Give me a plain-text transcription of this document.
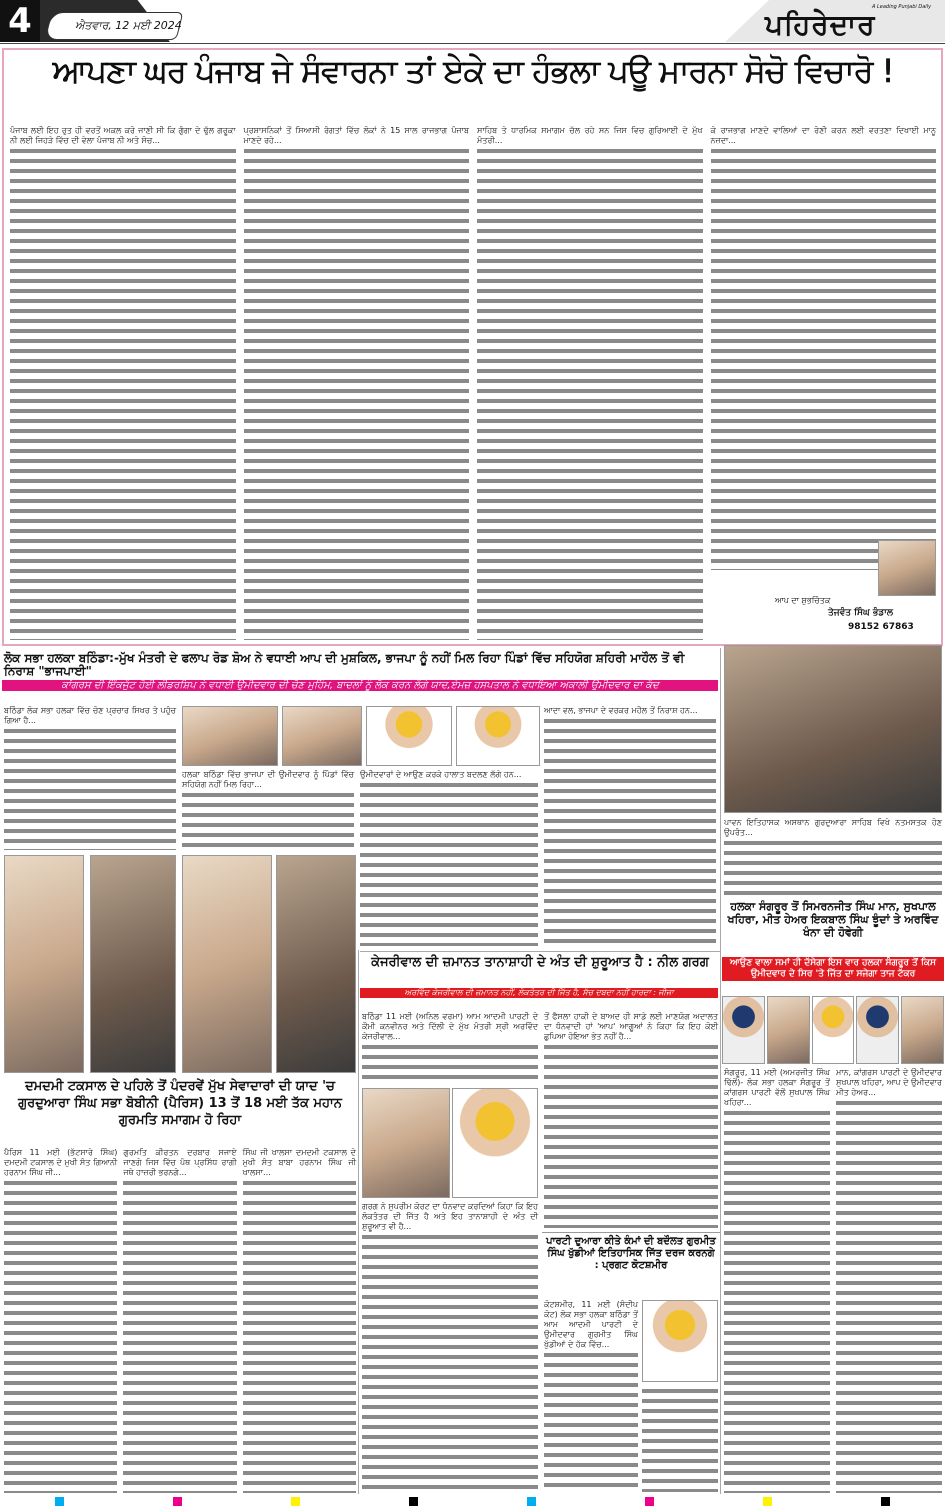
4	ਐਤਵਾਰ, 12 ਮਈ 2024	ਪਹਿਰੇਦਾਰ
A Leading Punjabi Daily
ਆਪਣਾ ਘਰ ਪੰਜਾਬ ਜੇ ਸੰਵਾਰਨਾ ਤਾਂ ਏਕੇ ਦਾ ਹੰਭਲਾ ਪਊ ਮਾਰਨਾ ਸੋਚੋ ਵਿਚਾਰੋ !

ਪੰਜਾਬ ਲਈ ਇਹ ਰੁਤ ਹੀ ਵਰਤੋਂ ਅਕਲ ਕਰੋ ਜਾਣੀ ਸੀ ਕਿ ਗੁੰਗਾ ਦੇ ਢੁੱਲ ਗਰੂਕਾ ਨੀ ਲਈ ਜਿਹੜੇ ਵਿੱਚ ਦੀ ਵੇਲਾ ਪੰਜਾਬ ਨੀ ਅਤੇ ਸੋਚ...

ਪ੍ਰਸ਼ਾਸਨਿਕਾਂ ਤੋਂ ਸਿਆਸੀ ਰੰਗਤਾਂ ਵਿੱਚ ਲੋਕਾਂ ਨੇ 15 ਸਾਲ ਰਾਜਭਾਗ ਪੰਜਾਬ ਮਾਣਦੇ ਰਹੇ...

ਸਾਹਿਬ ਤੇ ਧਾਰਮਿਕ ਸਮਾਗਮ ਚੱਲ ਰਹੇ ਸਨ ਜਿਸ ਵਿਚ ਗੁਰਿਆਈ ਦੇ ਮੁੱਖ ਮੰਤਰੀ...

ਕੇ ਰਾਜਭਾਗ ਮਾਣਦੇ ਵਾਲਿਆਂ ਦਾ ਰੋਣੀ ਕਰਨ ਲਈ ਵਰਤਣਾ ਦਿਖਾਈ ਮਾਨੂ ਨਜ਼ਦਾ...

ਆਪ ਦਾ ਸ਼ੁਭਚਿੰਤਕ
ਤੇਜਵੰਤ ਸਿੰਘ ਭੰਡਾਲ
98152 67863
ਲੋਕ ਸਭਾ ਹਲਕਾ ਬਠਿੰਡਾ:-ਮੁੱਖ ਮੰਤਰੀ ਦੇ ਫਲਾਪ ਰੋਡ ਸ਼ੋਅ ਨੇ ਵਧਾਈ ਆਪ ਦੀ ਮੁਸ਼ਕਿਲ, ਭਾਜਪਾ ਨੂੰ ਨਹੀਂ ਮਿਲ ਰਿਹਾ ਪਿੰਡਾਂ ਵਿੱਚ ਸਹਿਯੋਗ ਸ਼ਹਿਰੀ ਮਾਹੌਲ ਤੋਂ ਵੀ ਨਿਰਾਸ਼ "ਭਾਜਪਾਈ"
ਕਾਂਗਰਸ ਦੀ ਇੱਕਜੁੱਟ ਹੋਈ ਲੀਡਰਸ਼ਿਪ ਨੇ ਵਧਾਈ ਉਮੀਦਵਾਰ ਦੀ ਚੋਣ ਮੁਹਿੰਮ, ਬਾਦਲਾਂ ਨੂੰ ਲੋਕ ਕਰਨ ਲੱਗੇ ਯਾਦ,ਏਮਜ਼ ਹਸਪਤਾਲ ਨੇ ਵਧਾਇਆ ਅਕਾਲੀ ਉਮੀਦਵਾਰ ਦਾ ਕੱਦ

ਬਠਿੰਡਾ ਲੋਕ ਸਭਾ ਹਲਕਾ ਵਿੱਚ ਚੋਣ ਪ੍ਰਚਾਰ ਸਿਖਰ ਤੇ ਪਹੁੰਚ ਗਿਆ ਹੈ...

ਹਲਕਾ ਬਠਿੰਡਾ ਵਿੱਚ ਭਾਜਪਾ ਦੀ ਉਮੀਦਵਾਰ ਨੂੰ ਪਿੰਡਾਂ ਵਿੱਚ ਸਹਿਯੋਗ ਨਹੀਂ ਮਿਲ ਰਿਹਾ...

ਉਮੀਦਵਾਰਾਂ ਦੇ ਆਉਣ ਕਰਕੇ ਹਾਲਾਤ ਬਦਲਣ ਲੱਗੇ ਹਨ...

ਆਦਾ ਵਲ, ਭਾਜਪਾ ਦੇ ਵਰਕਰ ਮਹੌਲ ਤੋਂ ਨਿਰਾਸ਼ ਹਨ...

ਪਾਵਨ ਇਤਿਹਾਸਕ ਅਸਥਾਨ ਗੁਰਦੁਆਰਾ ਸਾਹਿਬ ਵਿਖੇ ਨਤਮਸਤਕ ਹੋਣ ਉਪਰੰਤ...

ਹਲਕਾ ਸੰਗਰੂਰ ਤੋਂ ਸਿਮਰਨਜੀਤ ਸਿੰਘ ਮਾਨ, ਸੁਖਪਾਲ ਖਹਿਰਾ, ਮੀਤ ਹੇਅਰ ਇਕਬਾਲ ਸਿੰਘ ਝੂੰਦਾਂ ਤੇ ਅਰਵਿੰਦ ਖੰਨਾ ਦੀ ਹੋਵੇਗੀ
ਆਉਣ ਵਾਲਾ ਸਮਾਂ ਹੀ ਦੱਸੇਗਾ ਇਸ ਵਾਰ ਹਲਕਾ ਸੰਗਰੂਰ ਤੋਂ ਕਿਸ ਉਮੀਦਵਾਰ ਦੇ ਸਿਰ 'ਤੇ ਜਿੱਤ ਦਾ ਸਜੇਗਾ ਤਾਜ ਟੱਕਰ

ਸੰਗਰੂਰ, 11 ਮਈ (ਅਮਰਜੀਤ ਸਿੰਘ ਢਿੱਲੋਂ)- ਲੋਕ ਸਭਾ ਹਲਕਾ ਸੰਗਰੂਰ ਤੋਂ ਕਾਂਗਰਸ ਪਾਰਟੀ ਵੱਲੋਂ ਸੁਖਪਾਲ ਸਿੰਘ ਖਹਿਰਾ...

ਮਾਨ, ਕਾਂਗਰਸ ਪਾਰਟੀ ਦੇ ਉਮੀਦਵਾਰ ਸੁਖਪਾਲ ਖਹਿਰਾ, ਆਪ ਦੇ ਉਮੀਦਵਾਰ ਮੀਤ ਹੇਅਰ...

ਦਮਦਮੀ ਟਕਸਾਲ ਦੇ ਪਹਿਲੇ ਤੋਂ ਪੰਦਰਵੇਂ ਮੁੱਖ ਸੇਵਾਦਾਰਾਂ ਦੀ ਯਾਦ 'ਚ ਗੁਰਦੁਆਰਾ ਸਿੰਘ ਸਭਾ ਬੋਬੀਨੀ (ਪੈਰਿਸ) 13 ਤੋਂ 18 ਮਈ ਤੱਕ ਮਹਾਨ ਗੁਰਮਤਿ ਸਮਾਗਮ ਹੋ ਰਿਹਾ

ਪੈਰਿਸ 11 ਮਈ (ਭੱਟਸਾਰੇ ਸਿੰਘ) ਦਮਦਮੀ ਟਕਸਾਲ ਦੇ ਮੁਖੀ ਸੰਤ ਗਿਆਨੀ ਹਰਨਾਮ ਸਿੰਘ ਜੀ...

ਗੁਰਮਤਿ ਕੀਰਤਨ ਦਰਬਾਰ ਸਜਾਏ ਜਾਣਗੇ ਜਿਸ ਵਿੱਚ ਪੰਥ ਪ੍ਰਸਿੱਧ ਰਾਗੀ ਜਥੇ ਹਾਜ਼ਰੀ ਭਰਨਗੇ...

ਸਿੰਘ ਜੀ ਖਾਲਸਾ ਦਮਦਮੀ ਟਕਸਾਲ ਦੇ ਮੁਖੀ ਸੰਤ ਬਾਬਾ ਹਰਨਾਮ ਸਿੰਘ ਜੀ ਖਾਲਸਾ...

ਕੇਜਰੀਵਾਲ ਦੀ ਜ਼ਮਾਨਤ ਤਾਨਾਸ਼ਾਹੀ ਦੇ ਅੰਤ ਦੀ ਸ਼ੁਰੂਆਤ ਹੈ : ਨੀਲ ਗਰਗ
ਅਰਵਿੰਦ ਕੇਜਰੀਵਾਲ ਦੀ ਜ਼ਮਾਨਤ ਨਹੀਂ, ਲੋਕਤੰਤਰ ਦੀ ਜਿੱਤ ਹੈ, ਸੱਚ ਦਬਦਾ ਨਹੀਂ ਹਾਰਦਾ : ਜੀਜਾ

ਬਠਿੰਡਾ 11 ਮਈ (ਅਨਿਲ ਵਰਮਾ) ਆਮ ਆਦਮੀ ਪਾਰਟੀ ਦੇ ਕੌਮੀ ਕਨਵੀਨਰ ਅਤੇ ਦਿੱਲੀ ਦੇ ਮੁੱਖ ਮੰਤਰੀ ਸ੍ਰੀ ਅਰਵਿੰਦ ਕੇਜਰੀਵਾਲ...

ਤੋਂ ਫੈਸਲਾ ਹਾਕੀ ਦੇ ਬਾਅਦ ਹੀ ਸਾਡੇ ਲਈ ਮਾਣਯੋਗ ਅਦਾਲਤ ਦਾ ਧੰਨਵਾਦੀ ਹਾਂ 'ਆਪ' ਆਗੂਆਂ ਨੇ ਕਿਹਾ ਕਿ ਇਹ ਕੋਈ ਛੁਪਿਆ ਹੋਇਆ ਭੇਤ ਨਹੀਂ ਹੈ...

ਗਰਗ ਨੇ ਸੁਪਰੀਮ ਕੋਰਟ ਦਾ ਧੰਨਵਾਦ ਕਰਦਿਆਂ ਕਿਹਾ ਕਿ ਇਹ ਲੋਕਤੰਤਰ ਦੀ ਜਿੱਤ ਹੈ ਅਤੇ ਇਹ ਤਾਨਾਸ਼ਾਹੀ ਦੇ ਅੰਤ ਦੀ ਸ਼ੁਰੂਆਤ ਵੀ ਹੈ...

ਪਾਰਟੀ ਦੁਆਰਾ ਕੀਤੇ ਕੰਮਾਂ ਦੀ ਬਦੌਲਤ ਗੁਰਮੀਤ ਸਿੰਘ ਖੁੱਡੀਆਂ ਇਤਿਹਾਸਿਕ ਜਿੱਤ ਦਰਜ ਕਰਨਗੇ : ਪ੍ਰਗਟ ਕੋਟਸ਼ਮੀਰ

ਕੋਟਸ਼ਮੀਰ, 11 ਮਈ (ਸੰਦੀਪ ਕੋਟ) ਲੋਕ ਸਭਾ ਹਲਕਾ ਬਠਿੰਡਾ ਤੋਂ ਆਮ ਆਦਮੀ ਪਾਰਟੀ ਦੇ ਉਮੀਦਵਾਰ ਗੁਰਮੀਤ ਸਿੰਘ ਖੁੱਡੀਆਂ ਦੇ ਹੱਕ ਵਿੱਚ...
